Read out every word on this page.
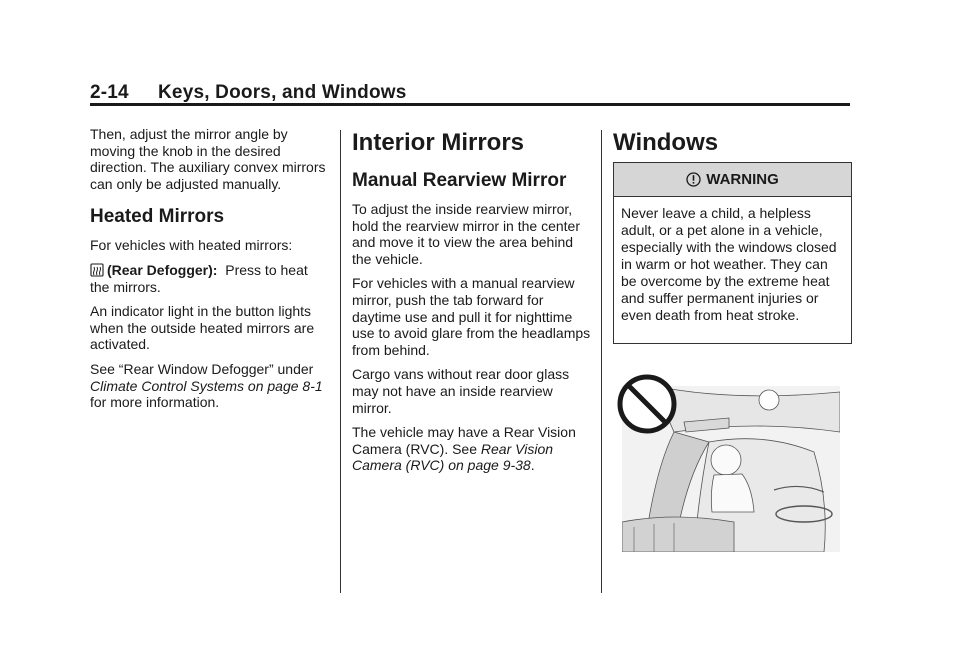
2-14 Keys, Doors, and Windows

Then, adjust the mirror angle by moving the knob in the desired direction. The auxiliary convex mirrors can only be adjusted manually.

Heated Mirrors

For vehicles with heated mirrors:

(Rear Defogger): Press to heat the mirrors.

An indicator light in the button lights when the outside heated mirrors are activated.

See “Rear Window Defogger” under Climate Control Systems on page 8-1 for more information.

Interior Mirrors
Manual Rearview Mirror

To adjust the inside rearview mirror, hold the rearview mirror in the center and move it to view the area behind the vehicle.

For vehicles with a manual rearview mirror, push the tab forward for daytime use and pull it for nighttime use to avoid glare from the headlamps from behind.

Cargo vans without rear door glass may not have an inside rearview mirror.

The vehicle may have a Rear Vision Camera (RVC). See Rear Vision Camera (RVC) on page 9-38.

Windows
WARNING
Never leave a child, a helpless adult, or a pet alone in a vehicle, especially with the windows closed in warm or hot weather. They can be overcome by the extreme heat and suffer permanent injuries or even death from heat stroke.
